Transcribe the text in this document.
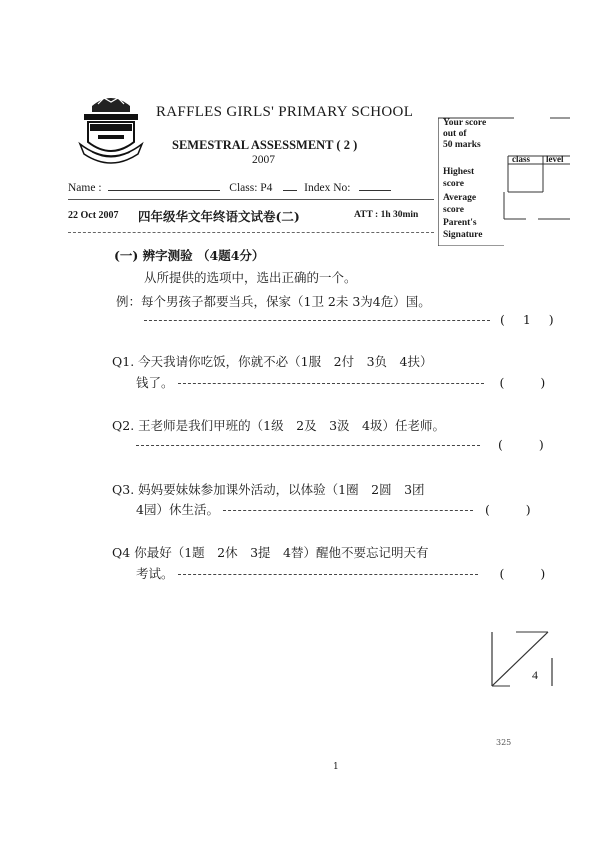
RAFFLES GIRLS' PRIMARY SCHOOL
SEMESTRAL ASSESSMENT ( 2 )
2007
Name :	Class: P4	Index No:
22 Oct 2007 四年级华文年终语文试卷(二)	ATT : 1h 30min
Your score
out of
50 marks
class level
Highest
score
Average
score
Parent's
Signature
(一) 辨字测验 （4题4分）
从所提供的选项中，选出正确的一个。
例：每个男孩子都要当兵，保家（1卫 2未 3为4危）国。
( 1 )
Q1. 今天我请你吃饭，你就不必（1服　2付　3负　4扶）
钱了。	(	)
Q2. 王老师是我们甲班的（1级　2及　3汲　4圾）任老师。
(	)
Q3. 妈妈要妹妹参加课外活动，以体验（1圈　2圆　3团
4园）休生活。	(	)
Q4 你最好（1题　2休　3提　4替）醒他不要忘记明天有
考试。	(	)
4
325
1
